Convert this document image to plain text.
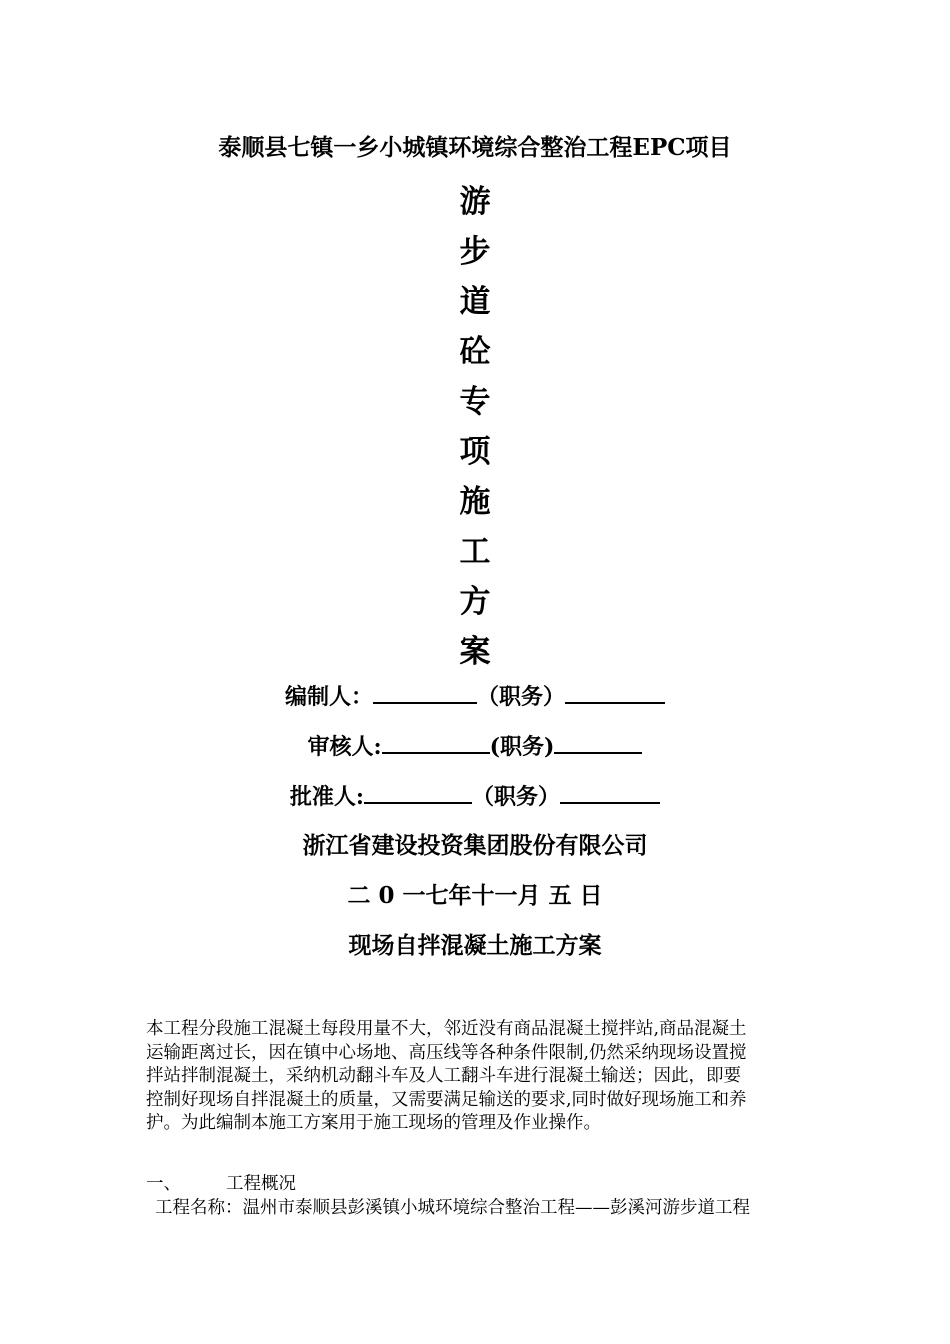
泰顺县七镇一乡小城镇环境综合整治工程EPC项目
游
步
道
砼
专
项
施
工
方
案
编制人：	（职务）
审核人:	(职务)
批准人:	（职务）
浙江省建设投资集团股份有限公司
二 0 一七年十一月 五 日
现场自拌混凝土施工方案
本工程分段施工混凝土每段用量不大，邻近没有商品混凝土搅拌站,商品混凝土
运输距离过长，因在镇中心场地、高压线等各种条件限制,仍然采纳现场设置搅
拌站拌制混凝土，采纳机动翻斗车及人工翻斗车进行混凝土输送；因此，即要
控制好现场自拌混凝土的质量，又需要满足输送的要求,同时做好现场施工和养
护。为此编制本施工方案用于施工现场的管理及作业操作。
一、	工程概况
工程名称：温州市泰顺县彭溪镇小城环境综合整治工程——彭溪河游步道工程
